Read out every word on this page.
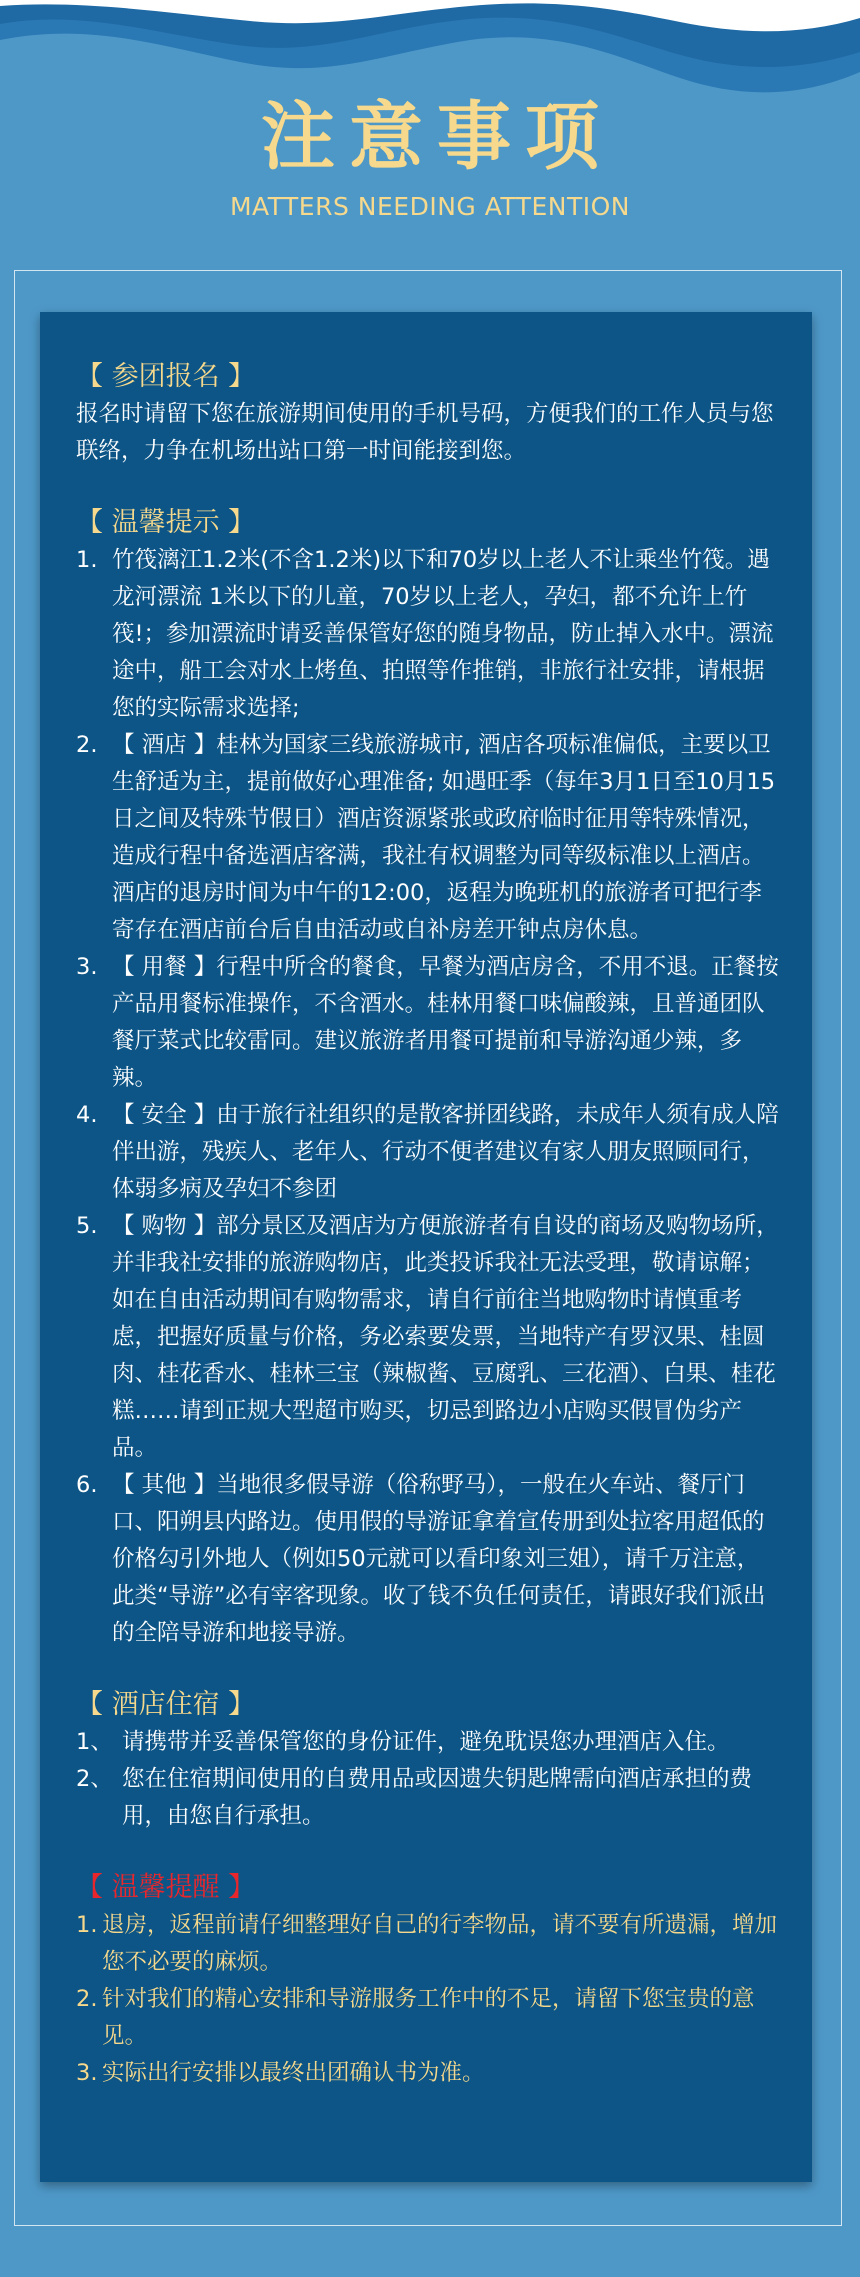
注意事项
MATTERS NEEDING ATTENTION
【 参团报名 】
报名时请留下您在旅游期间使用的手机号码，方便我们的工作人员与您联络，力争在机场出站口第一时间能接到您。
【 温馨提示 】
1. 竹筏漓江1.2米(不含1.2米)以下和70岁以上老人不让乘坐竹筏。遇龙河漂流 1米以下的儿童，70岁以上老人，孕妇，都不允许上竹筏!；参加漂流时请妥善保管好您的随身物品，防止掉入水中。漂流途中，船工会对水上烤鱼、拍照等作推销，非旅行社安排，请根据您的实际需求选择;
2. 【 酒店 】桂林为国家三线旅游城市, 酒店各项标准偏低，主要以卫生舒适为主，提前做好心理准备; 如遇旺季（每年3月1日至10月15日之间及特殊节假日）酒店资源紧张或政府临时征用等特殊情况，造成行程中备选酒店客满，我社有权调整为同等级标准以上酒店。酒店的退房时间为中午的12:00，返程为晚班机的旅游者可把行李寄存在酒店前台后自由活动或自补房差开钟点房休息。
3. 【 用餐 】行程中所含的餐食，早餐为酒店房含，不用不退。正餐按产品用餐标准操作，不含酒水。桂林用餐口味偏酸辣，且普通团队餐厅菜式比较雷同。建议旅游者用餐可提前和导游沟通少辣，多辣。
4. 【 安全 】由于旅行社组织的是散客拼团线路，未成年人须有成人陪伴出游，残疾人、老年人、行动不便者建议有家人朋友照顾同行，体弱多病及孕妇不参团
5. 【 购物 】部分景区及酒店为方便旅游者有自设的商场及购物场所，并非我社安排的旅游购物店，此类投诉我社无法受理，敬请谅解；如在自由活动期间有购物需求，请自行前往当地购物时请慎重考虑，把握好质量与价格，务必索要发票，当地特产有罗汉果、桂圆肉、桂花香水、桂林三宝（辣椒酱、豆腐乳、三花酒）、白果、桂花糕……请到正规大型超市购买，切忌到路边小店购买假冒伪劣产品。
6. 【 其他 】当地很多假导游（俗称野马），一般在火车站、餐厅门口、阳朔县内路边。使用假的导游证拿着宣传册到处拉客用超低的价格勾引外地人（例如50元就可以看印象刘三姐），请千万注意，此类“导游”必有宰客现象。收了钱不负任何责任，请跟好我们派出的全陪导游和地接导游。
【 酒店住宿 】
1、 请携带并妥善保管您的身份证件，避免耽误您办理酒店入住。
2、 您在住宿期间使用的自费用品或因遗失钥匙牌需向酒店承担的费用，由您自行承担。
【 温馨提醒 】
1. 退房，返程前请仔细整理好自己的行李物品，请不要有所遗漏，增加您不必要的麻烦。
2. 针对我们的精心安排和导游服务工作中的不足，请留下您宝贵的意见。
3. 实际出行安排以最终出团确认书为准。
